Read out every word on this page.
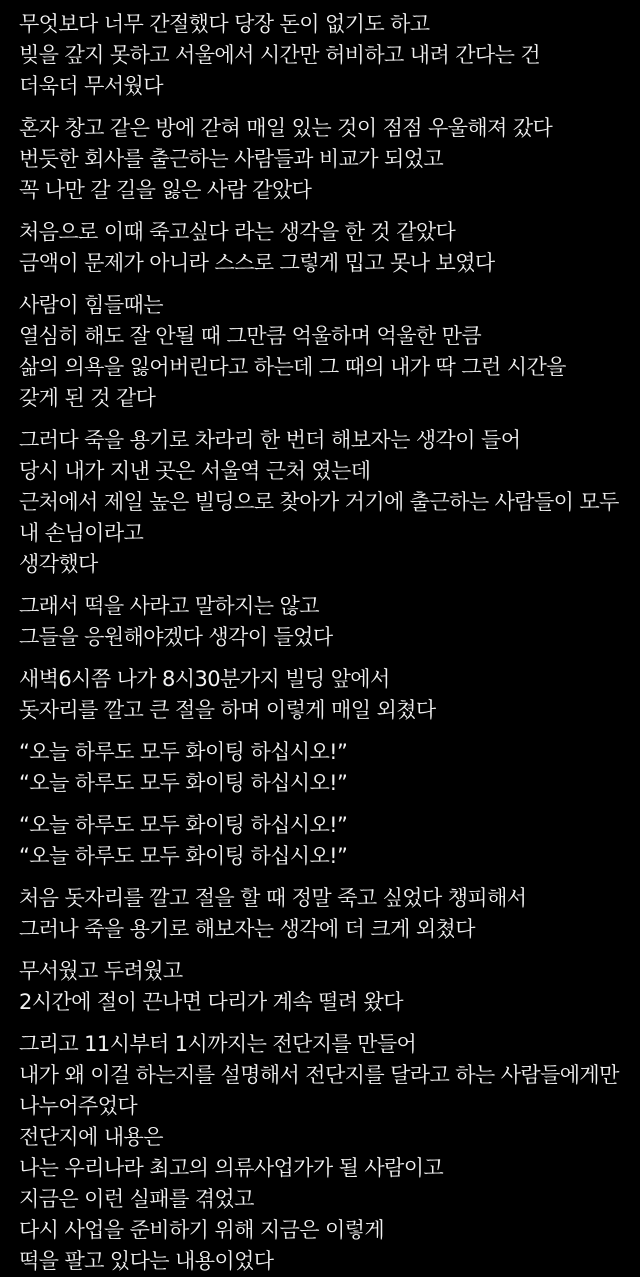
무엇보다 너무 간절했다 당장 돈이 없기도 하고
빚을 갚지 못하고 서울에서 시간만 허비하고 내려 간다는 건
더욱더 무서웠다
혼자 창고 같은 방에 갇혀 매일 있는 것이 점점 우울해져 갔다
번듯한 회사를 출근하는 사람들과 비교가 되었고
꼭 나만 갈 길을 잃은 사람 같았다
처음으로 이때 죽고싶다 라는 생각을 한 것 같았다
금액이 문제가 아니라 스스로 그렇게 밉고 못나 보였다
사람이 힘들때는
열심히 해도 잘 안될 때 그만큼 억울하며 억울한 만큼
삶의 의욕을 잃어버린다고 하는데 그 때의 내가 딱 그런 시간을
갖게 된 것 같다
그러다 죽을 용기로 차라리 한 번더 해보자는 생각이 들어
당시 내가 지낸 곳은 서울역 근처 였는데
근처에서 제일 높은 빌딩으로 찾아가 거기에 출근하는 사람들이 모두
내 손님이라고
생각했다
그래서 떡을 사라고 말하지는 않고
그들을 응원해야겠다 생각이 들었다
새벽6시쯤 나가 8시30분가지 빌딩 앞에서
돗자리를 깔고 큰 절을 하며 이렇게 매일 외쳤다
“오늘 하루도 모두 화이팅 하십시오!”
“오늘 하루도 모두 화이팅 하십시오!”
“오늘 하루도 모두 화이팅 하십시오!”
“오늘 하루도 모두 화이팅 하십시오!”
처음 돗자리를 깔고 절을 할 때 정말 죽고 싶었다 챙피해서
그러나 죽을 용기로 해보자는 생각에 더 크게 외쳤다
무서웠고 두려웠고
2시간에 절이 끈나면 다리가 계속 떨려 왔다
그리고 11시부터 1시까지는 전단지를 만들어
내가 왜 이걸 하는지를 설명해서 전단지를 달라고 하는 사람들에게만
나누어주었다
전단지에 내용은
나는 우리나라 최고의 의류사업가가 될 사람이고
지금은 이런 실패를 겪었고
다시 사업을 준비하기 위해 지금은 이렇게
떡을 팔고 있다는 내용이었다
